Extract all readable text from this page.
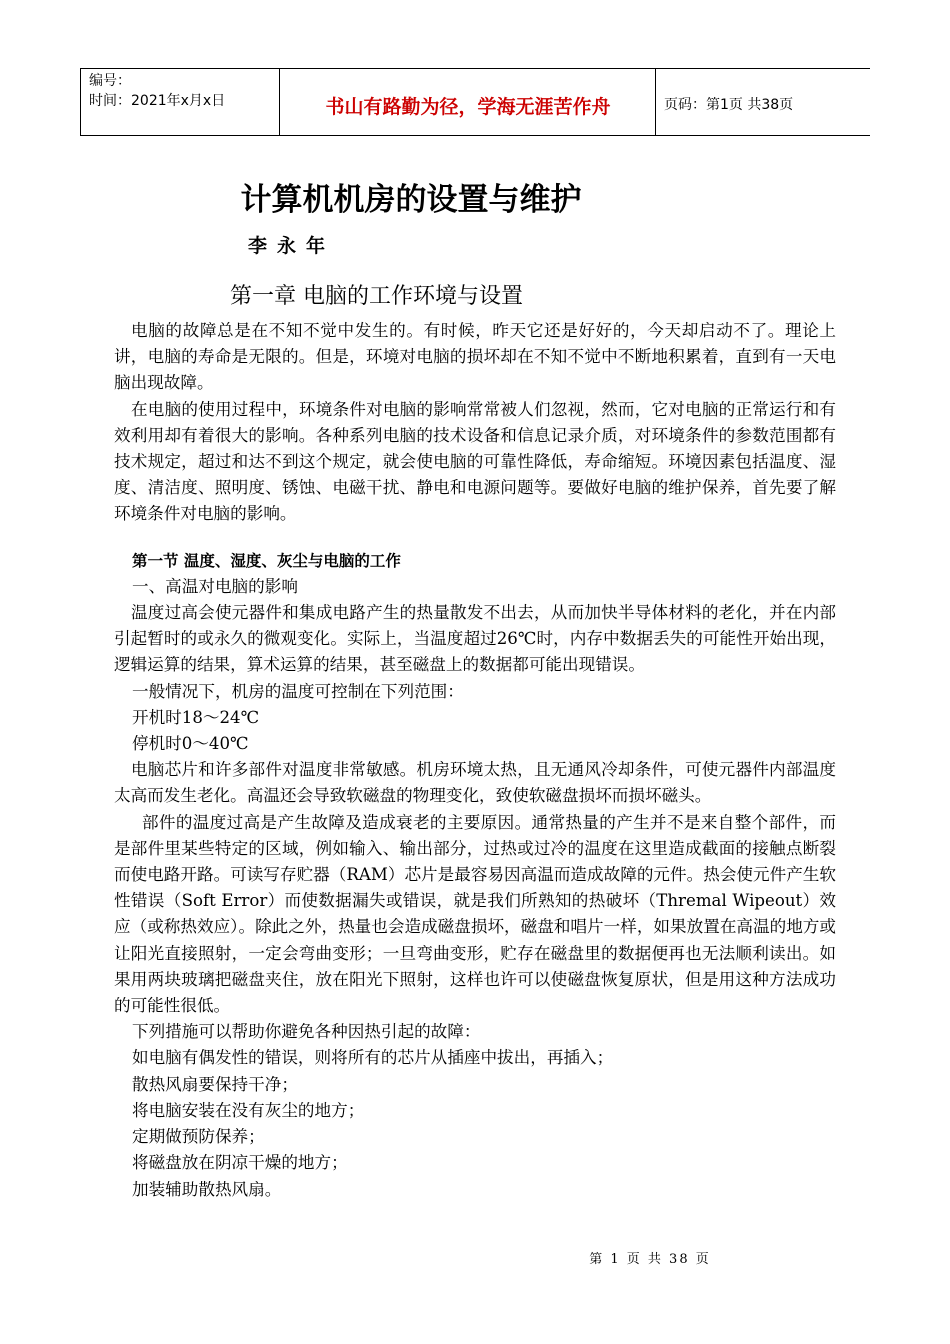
编号：
时间：2021年x月x日	书山有路勤为径，学海无涯苦作舟	页码：第1页 共38页
计算机机房的设置与维护
李永年
第一章 电脑的工作环境与设置

电脑的故障总是在不知不觉中发生的。有时候，昨天它还是好好的，今天却启动不了。理论上讲，电脑的寿命是无限的。但是，环境对电脑的损坏却在不知不觉中不断地积累着，直到有一天电脑出现故障。

在电脑的使用过程中，环境条件对电脑的影响常常被人们忽视，然而，它对电脑的正常运行和有效利用却有着很大的影响。各种系列电脑的技术设备和信息记录介质，对环境条件的参数范围都有技术规定，超过和达不到这个规定，就会使电脑的可靠性降低，寿命缩短。环境因素包括温度、湿度、清洁度、照明度、锈蚀、电磁干扰、静电和电源问题等。要做好电脑的维护保养，首先要了解环境条件对电脑的影响。

第一节 温度、湿度、灰尘与电脑的工作

一、高温对电脑的影响

温度过高会使元器件和集成电路产生的热量散发不出去，从而加快半导体材料的老化，并在内部引起暂时的或永久的微观变化。实际上，当温度超过26℃时，内存中数据丢失的可能性开始出现，逻辑运算的结果，算术运算的结果，甚至磁盘上的数据都可能出现错误。

一般情况下，机房的温度可控制在下列范围：

开机时18～24℃

停机时0～40℃

电脑芯片和许多部件对温度非常敏感。机房环境太热，且无通风冷却条件，可使元器件内部温度太高而发生老化。高温还会导致软磁盘的物理变化，致使软磁盘损坏而损坏磁头。

部件的温度过高是产生故障及造成衰老的主要原因。通常热量的产生并不是来自整个部件，而是部件里某些特定的区域，例如输入、输出部分，过热或过冷的温度在这里造成截面的接触点断裂而使电路开路。可读写存贮器（RAM）芯片是最容易因高温而造成故障的元件。热会使元件产生软性错误（Soft Error）而使数据漏失或错误，就是我们所熟知的热破坏（Thremal Wipeout）效应（或称热效应）。除此之外，热量也会造成磁盘损坏，磁盘和唱片一样，如果放置在高温的地方或让阳光直接照射，一定会弯曲变形；一旦弯曲变形，贮存在磁盘里的数据便再也无法顺利读出。如果用两块玻璃把磁盘夹住，放在阳光下照射，这样也许可以使磁盘恢复原状，但是用这种方法成功的可能性很低。

下列措施可以帮助你避免各种因热引起的故障：

如电脑有偶发性的错误，则将所有的芯片从插座中拔出，再插入；

散热风扇要保持干净；

将电脑安装在没有灰尘的地方；

定期做预防保养；

将磁盘放在阴凉干燥的地方；

加装辅助散热风扇。

第 1 页 共 38 页
